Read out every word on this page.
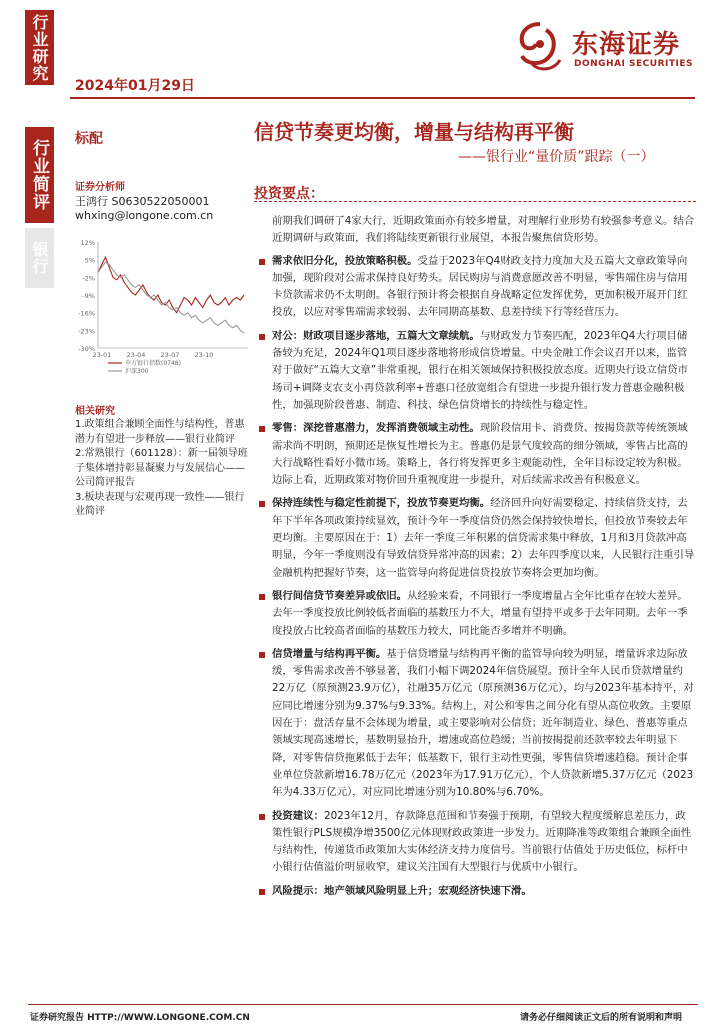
行业研究
行业简评
银行
2024年01月29日
东海证券
DONGHAI SECURITIES
标配	信贷节奏更均衡，增量与结构再平衡
——银行业“量价质”跟踪（一）
证券分析师
王鸿行 S0630522050001
whxing@longone.com.cn
12%
5%
-2%
-9%
-16%
-23%
-30%
23-01 23-04 23-07 23-10
申万银行指数(0748)
沪深300
相关研究
1.政策组合兼顾全面性与结构性，普惠潜力有望进一步释放——银行业简评
2.常熟银行（601128）：新一届领导班子集体增持彰显凝聚力与发展信心——公司简评报告
3.板块表现与宏观再现一致性——银行业简评
投资要点：

前期我们调研了4家大行，近期政策面亦有较多增量，对理解行业形势有较强参考意义。结合近期调研与政策面，我们将陆续更新银行业展望，本报告聚焦信贷形势。

需求依旧分化，投放策略积极。受益于2023年Q4财政支持力度加大及五篇大文章政策导向加强，现阶段对公需求保持良好势头。居民购房与消费意愿改善不明显，零售端住房与信用卡贷款需求仍不太明朗。各银行预计将会根据自身战略定位发挥优势，更加积极开展开门红投放，以应对零售端需求较弱、去年同期高基数、息差持续下行等经营压力。
对公：财政项目逐步落地，五篇大文章续航。与财政发力节奏匹配，2023年Q4大行项目储备较为充足，2024年Q1项目逐步落地将形成信贷增量。中央金融工作会议召开以来，监管对于做好“五篇大文章”非常重视，银行在相关领域保持积极投放态度。近期央行设立信贷市场司+调降支农支小再贷款利率+普惠口径放宽组合有望进一步提升银行发力普惠金融积极性，加强现阶段普惠、制造、科技、绿色信贷增长的持续性与稳定性。
零售：深挖普惠潜力，发挥消费领域主动性。现阶段信用卡、消费贷、按揭贷款等传统领域需求尚不明朗，预期还是恢复性增长为主。普惠仍是景气度较高的细分领域，零售占比高的大行战略性看好小微市场。策略上，各行将发挥更多主观能动性，全年目标设定较为积极。边际上看，近期政策对物价回升重视度进一步提升，对后续需求改善有积极意义。
保持连续性与稳定性前提下，投放节奏更均衡。经济回升向好需要稳定、持续信贷支持，去年下半年各项政策持续显效，预计今年一季度信贷仍然会保持较快增长，但投放节奏较去年更均衡。主要原因在于：1）去年一季度三年积累的信贷需求集中释放，1月和3月贷款冲高明显，今年一季度则没有导致信贷异常冲高的因素；2）去年四季度以来，人民银行注重引导金融机构把握好节奏，这一监管导向将促进信贷投放节奏将会更加均衡。
银行间信贷节奏差异或依旧。从经验来看，不同银行一季度增量占全年比重存在较大差异。去年一季度投放比例较低者面临的基数压力不大，增量有望持平或多于去年同期。去年一季度投放占比较高者面临的基数压力较大，同比能否多增并不明确。
信贷增量与结构再平衡。基于信贷增量与结构再平衡的监管导向较为明显，增量诉求边际放缓，零售需求改善不够显著，我们小幅下调2024年信贷展望。预计全年人民币贷款增量约22万亿（原预测23.9万亿），社融35万亿元（原预测36万亿元），均与2023年基本持平，对应同比增速分别为9.37%与9.33%。结构上，对公和零售之间分化有望从高位收敛。主要原因在于：盘活存量不会体现为增量，或主要影响对公信贷；近年制造业、绿色、普惠等重点领域实现高速增长，基数明显抬升，增速或高位趋缓；当前按揭提前还款率较去年明显下降，对零售信贷拖累低于去年；低基数下，银行主动性更强，零售信贷增速趋稳。预计企事业单位贷款新增16.78万亿元（2023年为17.91万亿元），个人贷款新增5.37万亿元（2023年为4.33万亿元），对应同比增速分别为10.80%与6.70%。
投资建议：2023年12月，存款降息范围和节奏强于预期，有望较大程度缓解息差压力，政策性银行PLS规模净增3500亿元体现财政政策进一步发力。近期降准等政策组合兼顾全面性与结构性，传递货币政策加大实体经济支持力度信号。当前银行估值处于历史低位，标杆中小银行估值溢价明显收窄，建议关注国有大型银行与优质中小银行。
风险提示：地产领域风险明显上升；宏观经济快速下滑。
证券研究报告 HTTP://WWW.LONGONE.COM.CN	请务必仔细阅读正文后的所有说明和声明
